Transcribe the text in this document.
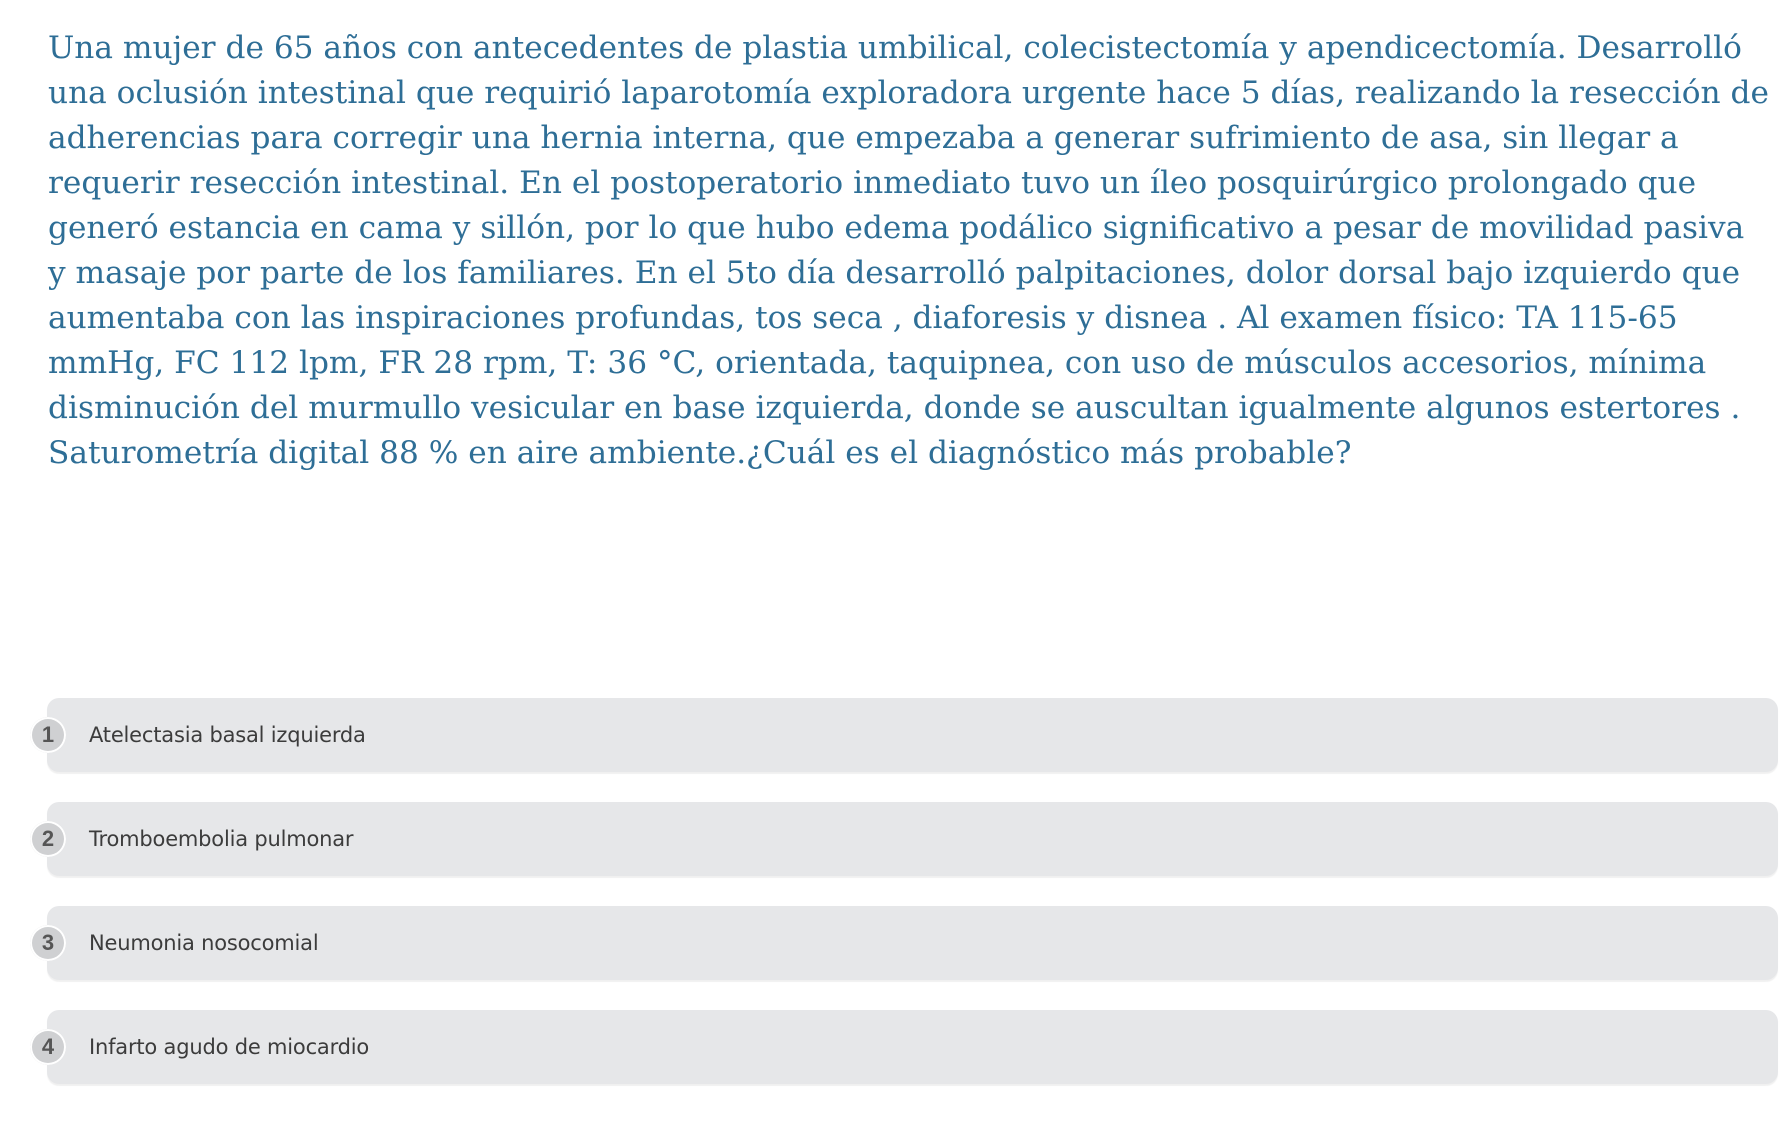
Una mujer de 65 años con antecedentes de plastia umbilical, colecistectomía y apendicectomía. Desarrolló
una oclusión intestinal que requirió laparotomía exploradora urgente hace 5 días, realizando la resección de
adherencias para corregir una hernia interna, que empezaba a generar sufrimiento de asa, sin llegar a
requerir resección intestinal. En el postoperatorio inmediato tuvo un íleo posquirúrgico prolongado que
generó estancia en cama y sillón, por lo que hubo edema podálico significativo a pesar de movilidad pasiva
y masaje por parte de los familiares. En el 5to día desarrolló palpitaciones, dolor dorsal bajo izquierdo que
aumentaba con las inspiraciones profundas, tos seca , diaforesis y disnea . Al examen físico: TA 115-65
mmHg, FC 112 lpm, FR 28 rpm, T: 36 °C, orientada, taquipnea, con uso de músculos accesorios, mínima
disminución del murmullo vesicular en base izquierda, donde se auscultan igualmente algunos estertores .
Saturometría digital 88 % en aire ambiente.¿Cuál es el diagnóstico más probable?
1	Atelectasia basal izquierda
2	Tromboembolia pulmonar
3	Neumonia nosocomial
4	Infarto agudo de miocardio
